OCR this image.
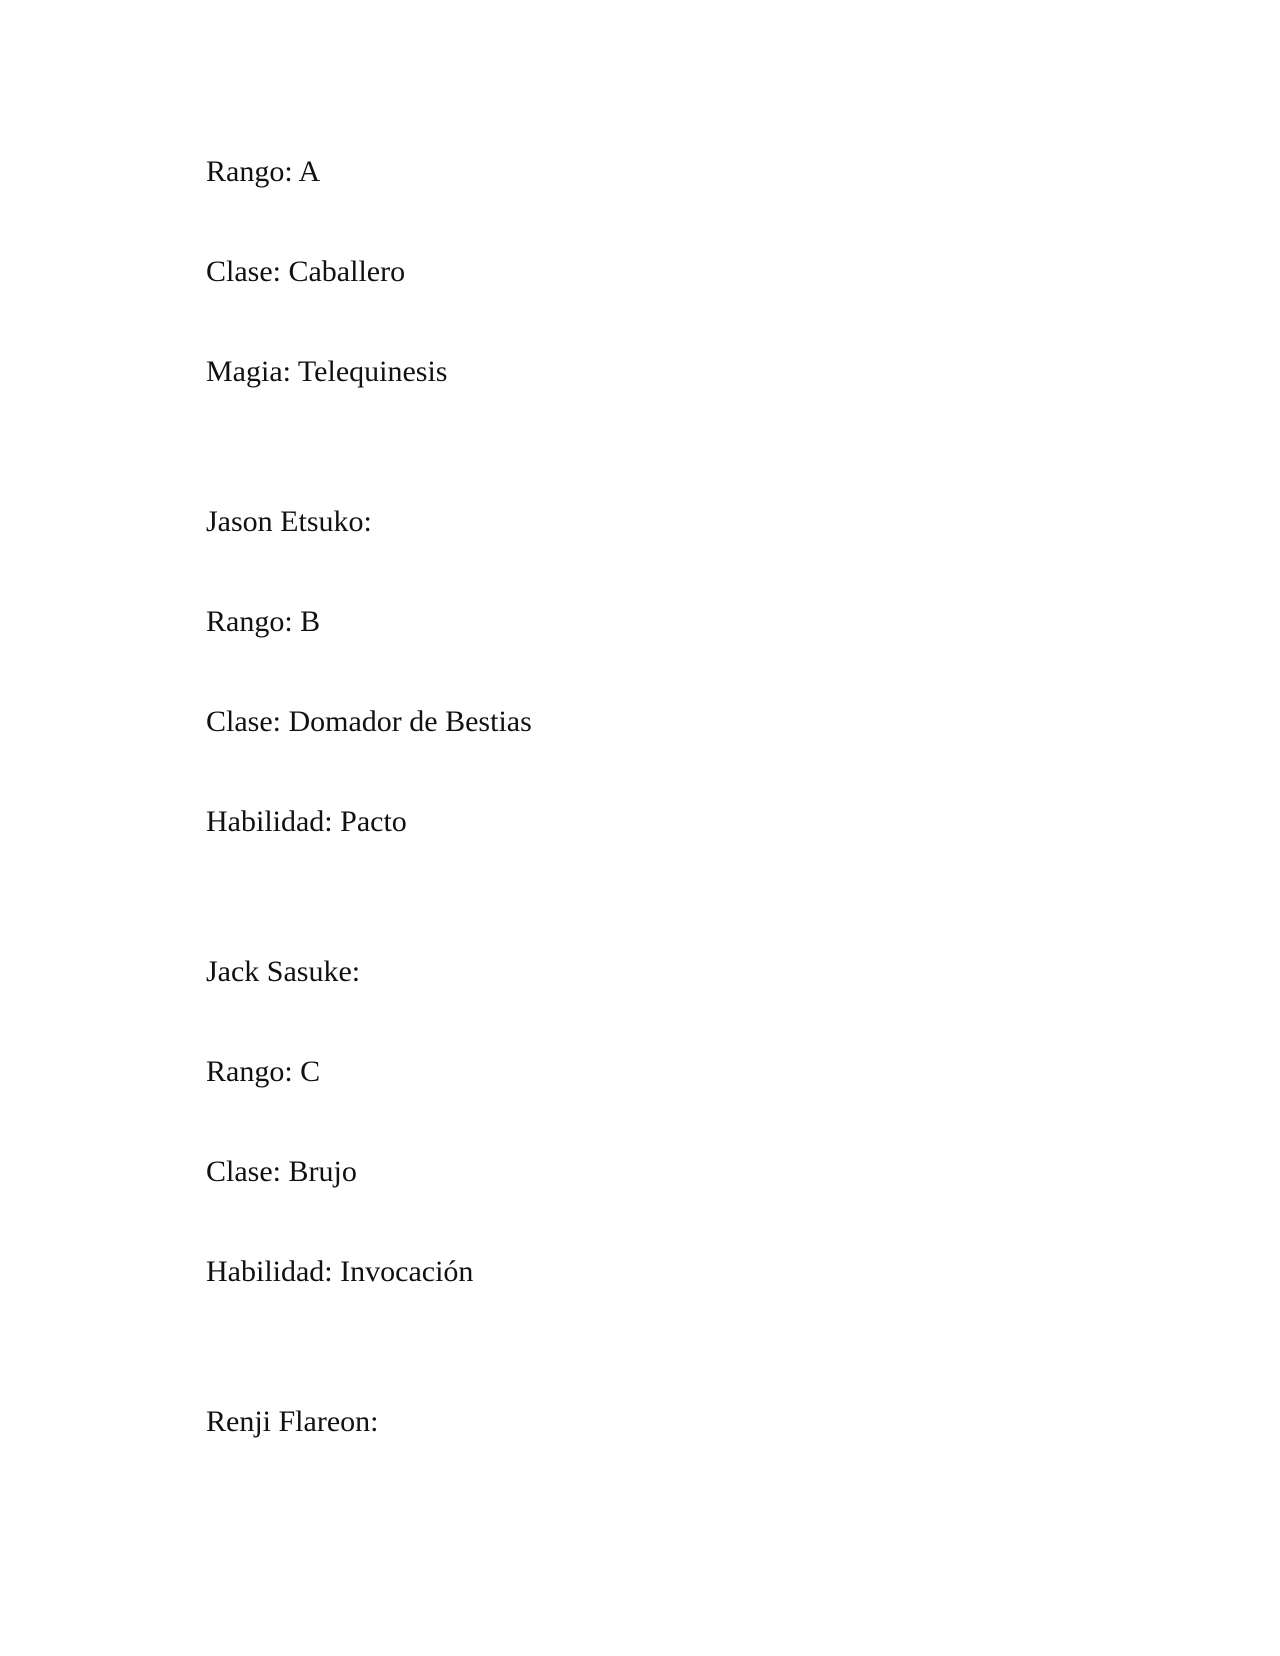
Rango: A

Clase: Caballero

Magia: Telequinesis

Jason Etsuko:

Rango: B

Clase: Domador de Bestias

Habilidad: Pacto

Jack Sasuke:

Rango: C

Clase: Brujo

Habilidad: Invocación

Renji Flareon:
